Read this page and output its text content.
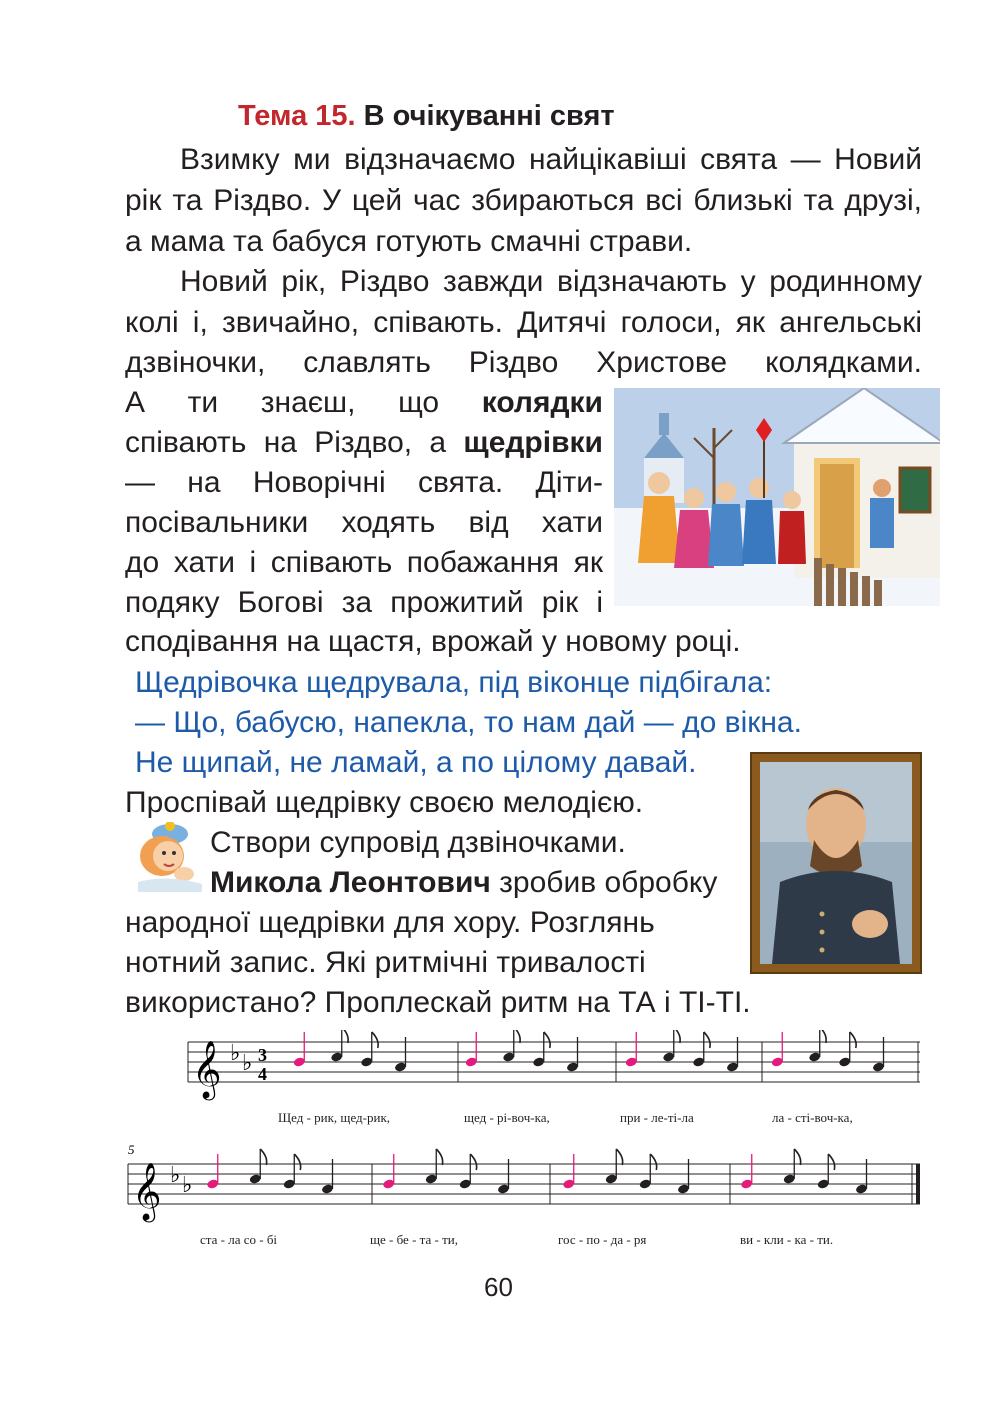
Тема 15. В очікуванні свят
Взимку ми відзначаємо найцікавіші свята — Новий
рік та Різдво. У цей час збираються всі близькі та друзі,
а мама та бабуся готують смачні страви.
Новий рік, Різдво завжди відзначають у родинному
колі і, звичайно, співають. Дитячі голоси, як ангельські
дзвіночки, славлять Різдво Христове колядками.
А ти знаєш, що колядки
співають на Різдво, а щедрівки
— на Новорічні свята. Діти-
посівальники ходять від хати
до хати і співають побажання як
подяку Богові за прожитий рік і
сподівання на щастя, врожай у новому році.
Щедрівочка щедрувала, під віконце підбігала:
— Що, бабусю, напекла, то нам дай — до вікна.
Не щипай, не ламай, а по цілому давай.
Проспівай щедрівку своєю мелодією.
Створи супровід дзвіночками.
Микола Леонтович зробив обробку
народної щедрівки для хору. Розглянь
нотний запис. Які ритмічні тривалості
використано? Проплескай ритм на ТА і ТІ-ТІ.
𝄞 ♭ ♭ 3
4
Щед - рик, щед-рик,	щед - рі-воч-ка,	при - ле-ті-ла	ла - сті-воч-ка,
5
𝄞 ♭ ♭
ста - ла со - бі	ще - бе - та - ти,	гос - по - да - ря	ви - кли - ка - ти.
60
